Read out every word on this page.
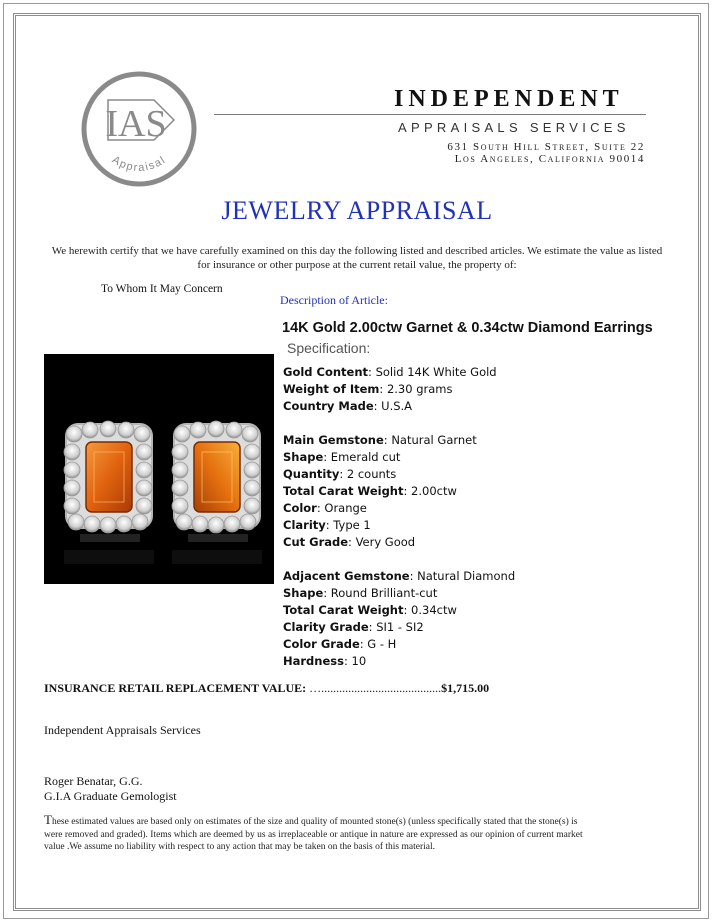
IAS
Appraisal
INDEPENDENT
APPRAISALS SERVICES
631 South Hill Street, Suite 22
Los Angeles, California 90014
JEWELRY APPRAISAL
We herewith certify that we have carefully examined on this day the following listed and described articles. We estimate the value as listed for insurance or other purpose at the current retail value, the property of:
To Whom It May Concern
Description of Article:
14K Gold 2.00ctw Garnet & 0.34ctw Diamond Earrings
Specification:
Gold Content: Solid 14K White Gold
Weight of Item: 2.30 grams
Country Made: U.S.A
Main Gemstone: Natural Garnet
Shape: Emerald cut
Quantity: 2 counts
Total Carat Weight: 2.00ctw
Color: Orange
Clarity: Type 1
Cut Grade: Very Good
Adjacent Gemstone: Natural Diamond
Shape: Round Brilliant-cut
Total Carat Weight: 0.34ctw
Clarity Grade: SI1 - SI2
Color Grade: G - H
Hardness: 10
INSURANCE RETAIL REPLACEMENT VALUE: …........................................$1,715.00
Independent Appraisals Services
Roger Benatar, G.G.
G.I.A Graduate Gemologist
These estimated values are based only on estimates of the size and quality of mounted stone(s) (unless specifically stated that the stone(s) is were removed and graded). Items which are deemed by us as irreplaceable or antique in nature are expressed as our opinion of current market value .We assume no liability with respect to any action that may be taken on the basis of this material.
